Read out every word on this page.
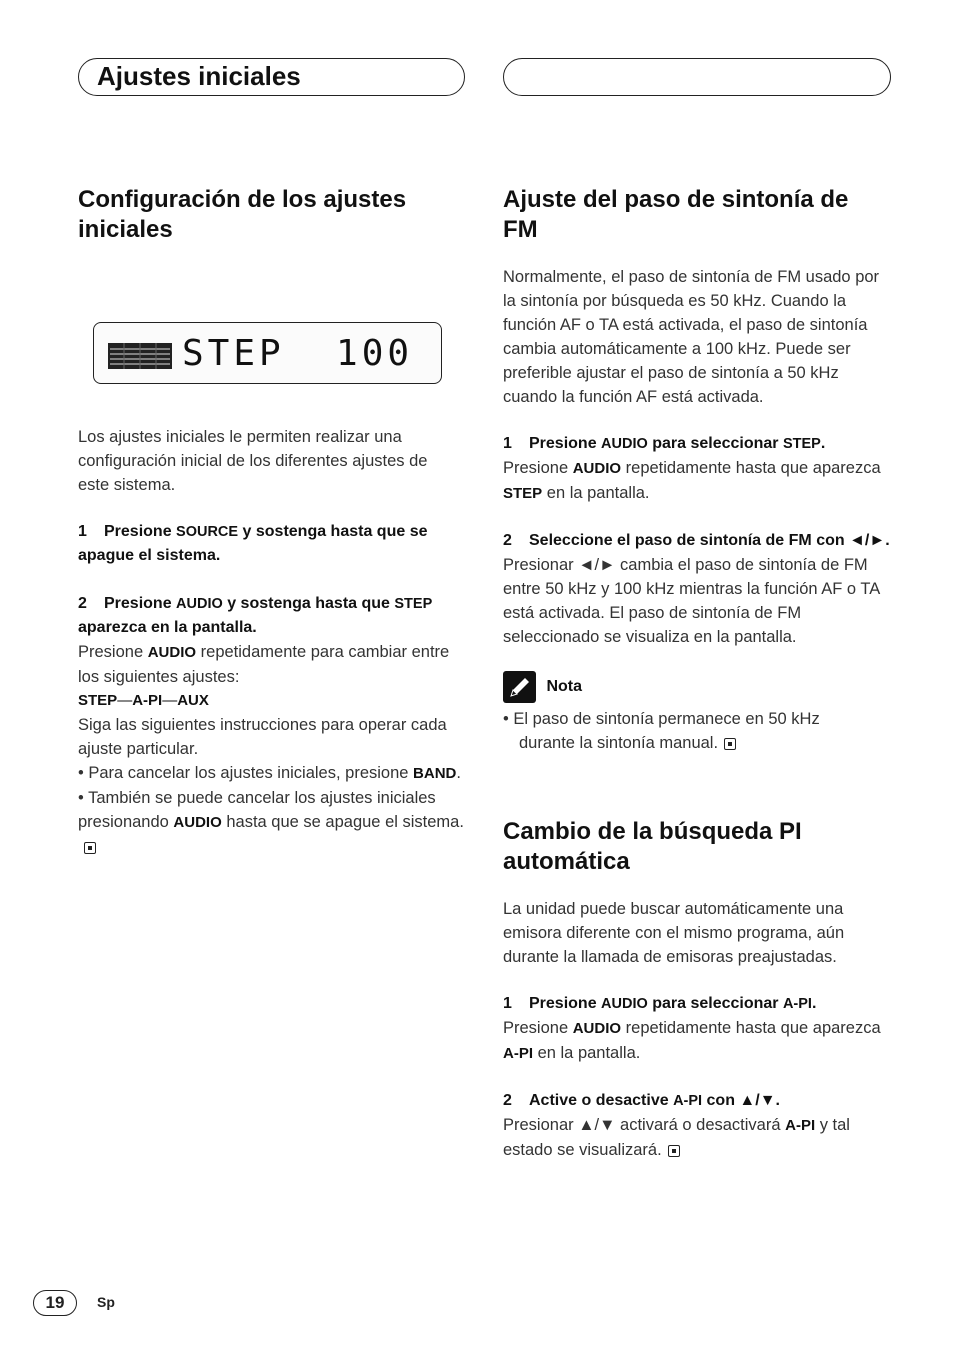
Ajustes iniciales
Configuración de los ajustes iniciales
STEP  100

Los ajustes iniciales le permiten realizar una configuración inicial de los diferentes ajustes de este sistema.

1 Presione SOURCE y sostenga hasta que se apague el sistema.
2 Presione AUDIO y sostenga hasta que STEP aparezca en la pantalla.

Presione AUDIO repetidamente para cambiar entre los siguientes ajustes:

STEP—A-PI—AUX

Siga las siguientes instrucciones para operar cada ajuste particular.

• Para cancelar los ajustes iniciales, presione BAND.

• También se puede cancelar los ajustes iniciales presionando AUDIO hasta que se apague el sistema.

Ajuste del paso de sintonía de FM

Normalmente, el paso de sintonía de FM usado por la sintonía por búsqueda es 50 kHz. Cuando la función AF o TA está activada, el paso de sintonía cambia automáticamente a 100 kHz. Puede ser preferible ajustar el paso de sintonía a 50 kHz cuando la función AF está activada.

1 Presione AUDIO para seleccionar STEP.

Presione AUDIO repetidamente hasta que aparezca STEP en la pantalla.

2 Seleccione el paso de sintonía de FM con ◄/►.

Presionar ◄/► cambia el paso de sintonía de FM entre 50 kHz y 100 kHz mientras la función AF o TA está activada. El paso de sintonía de FM seleccionado se visualiza en la pantalla.

Nota

• El paso de sintonía permanece en 50 kHz durante la sintonía manual.

Cambio de la búsqueda PI automática

La unidad puede buscar automáticamente una emisora diferente con el mismo programa, aún durante la llamada de emisoras preajustadas.

1 Presione AUDIO para seleccionar A-PI.

Presione AUDIO repetidamente hasta que aparezca A-PI en la pantalla.

2 Active o desactive A-PI con ▲/▼.

Presionar ▲/▼ activará o desactivará A-PI y tal estado se visualizará.

19	Sp
